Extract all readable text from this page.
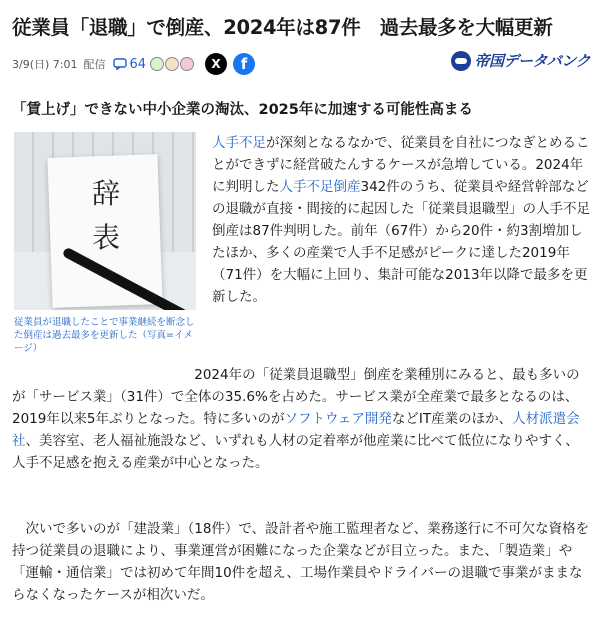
従業員「退職」で倒産、2024年は87件　過去最多を大幅更新
3/9(日) 7:01 配信 64	X	f	帝国データバンク
「賃上げ」できない中小企業の淘汰、2025年に加速する可能性高まる
辞
表
従業員が退職したことで事業継続を断念した倒産は過去最多を更新した（写真=イメージ）

人手不足が深刻となるなかで、従業員を自社につなぎとめることができずに経営破たんするケースが急増している。2024年に判明した人手不足倒産342件のうち、従業員や経営幹部などの退職が直接・間接的に起因した「従業員退職型」の人手不足倒産は87件判明した。前年（67件）から20件・約3割増加したほか、多くの産業で人手不足感がピークに達した2019年（71件）を大幅に上回り、集計可能な2013年以降で最多を更新した。

2024年の「従業員退職型」倒産を業種別にみると、最も多いのが「サービス業」（31件）で全体の35.6%を占めた。サービス業が全産業で最多となるのは、2019年以来5年ぶりとなった。特に多いのがソフトウェア開発などIT産業のほか、人材派遣会社、美容室、老人福祉施設など、いずれも人材の定着率が他産業に比べて低位になりやすく、人手不足感を抱える産業が中心となった。

次いで多いのが「建設業」（18件）で、設計者や施工監理者など、業務遂行に不可欠な資格を持つ従業員の退職により、事業運営が困難になった企業などが目立った。また、「製造業」や「運輸・通信業」では初めて年間10件を超え、工場作業員やドライバーの退職で事業がままならなくなったケースが相次いだ。
